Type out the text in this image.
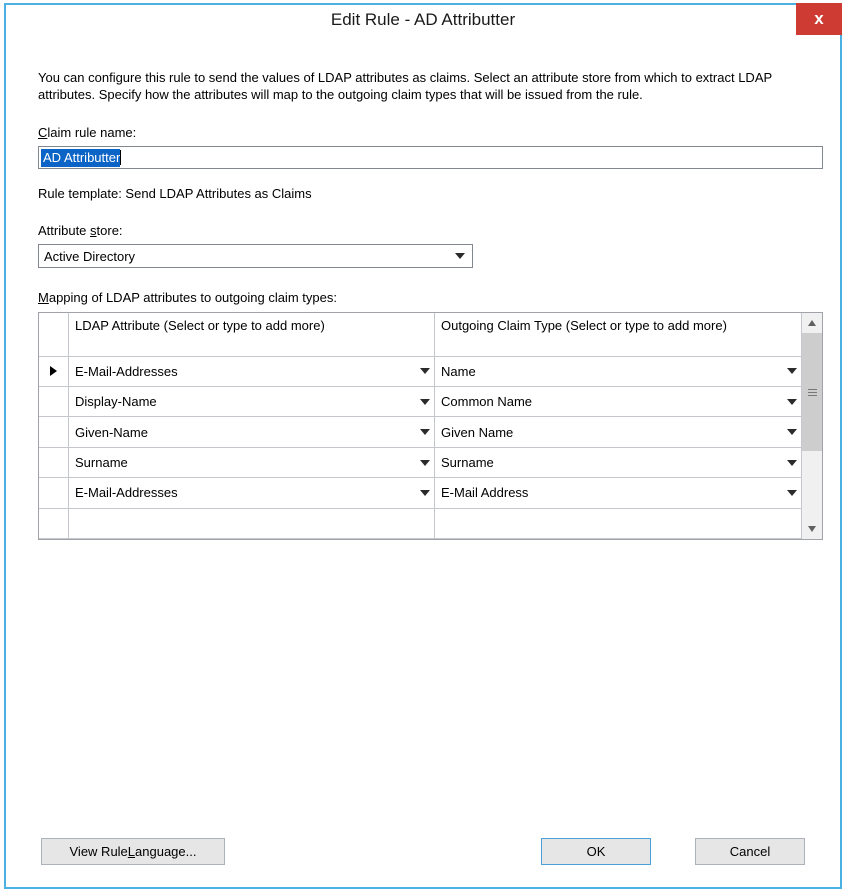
Edit Rule - AD Attributter	x
You can configure this rule to send the values of LDAP attributes as claims. Select an attribute store from which to extract LDAP attributes. Specify how the attributes will map to the outgoing claim types that will be issued from the rule.
Claim rule name:
AD Attributter
Rule template: Send LDAP Attributes as Claims
Attribute store:
Active Directory
Mapping of LDAP attributes to outgoing claim types:
LDAP Attribute (Select or type to add more)	Outgoing Claim Type (Select or type to add more)
E-Mail-Addresses	Name
Display-Name	Common Name
Given-Name	Given Name
Surname	Surname
E-Mail-Addresses	E-Mail Address
View Rule L anguage...	OK	Cancel
